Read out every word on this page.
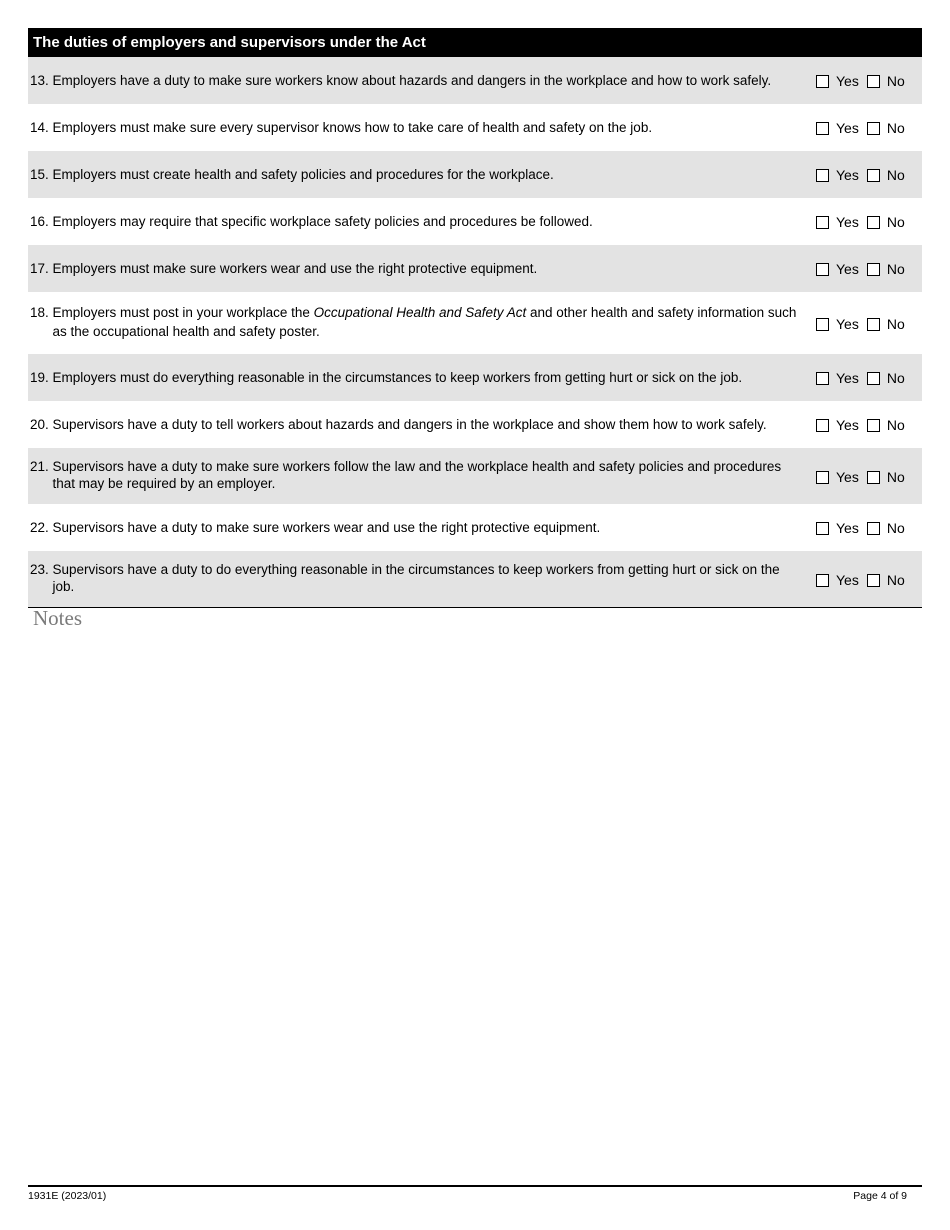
The duties of employers and supervisors under the Act
13. Employers have a duty to make sure workers know about hazards and dangers in the workplace and how to work safely.	Yes No
14. Employers must make sure every supervisor knows how to take care of health and safety on the job.	Yes No
15. Employers must create health and safety policies and procedures for the workplace.	Yes No
16. Employers may require that specific workplace safety policies and procedures be followed.	Yes No
17. Employers must make sure workers wear and use the right protective equipment.	Yes No
18. Employers must post in your workplace the Occupational Health and Safety Act and other health and safety information such as the occupational health and safety poster.	Yes No
19. Employers must do everything reasonable in the circumstances to keep workers from getting hurt or sick on the job.	Yes No
20. Supervisors have a duty to tell workers about hazards and dangers in the workplace and show them how to work safely.	Yes No
21. Supervisors have a duty to make sure workers follow the law and the workplace health and safety policies and procedures that may be required by an employer.	Yes No
22. Supervisors have a duty to make sure workers wear and use the right protective equipment.	Yes No
23. Supervisors have a duty to do everything reasonable in the circumstances to keep workers from getting hurt or sick on the job.	Yes No
Notes
1931E (2023/01)	Page 4 of 9
